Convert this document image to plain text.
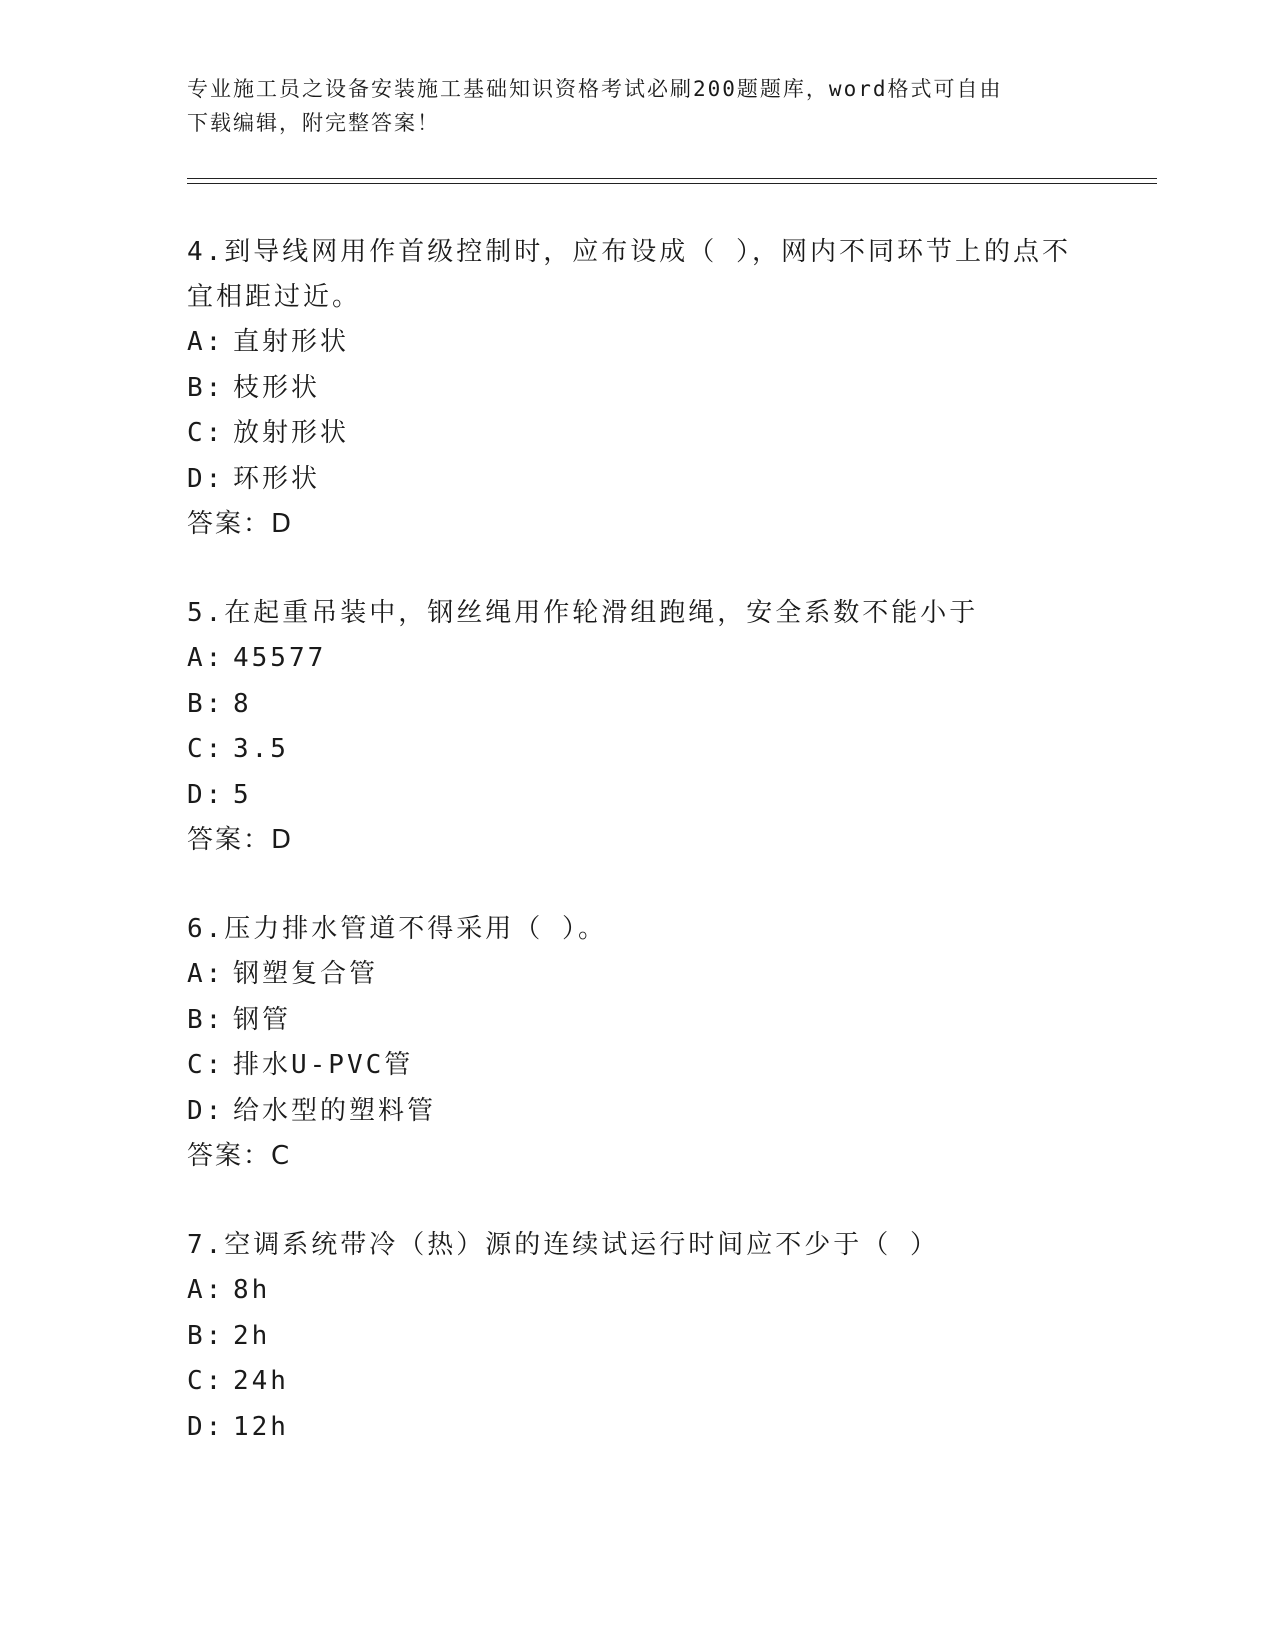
专业施工员之设备安装施工基础知识资格考试必刷200题题库，word格式可自由
下载编辑，附完整答案！

4.到导线网用作首级控制时，应布设成（ ），网内不同环节上的点不宜相距过近。

A: 直射形状
B: 枝形状
C: 放射形状
D: 环形状
答案：D

5.在起重吊装中，钢丝绳用作轮滑组跑绳，安全系数不能小于

A: 45577
B: 8
C: 3.5
D: 5
答案：D

6.压力排水管道不得采用（ ）。

A: 钢塑复合管
B: 钢管
C: 排水U-PVC管
D: 给水型的塑料管
答案：C

7.空调系统带冷（热）源的连续试运行时间应不少于（ ）

A: 8h
B: 2h
C: 24h
D: 12h
